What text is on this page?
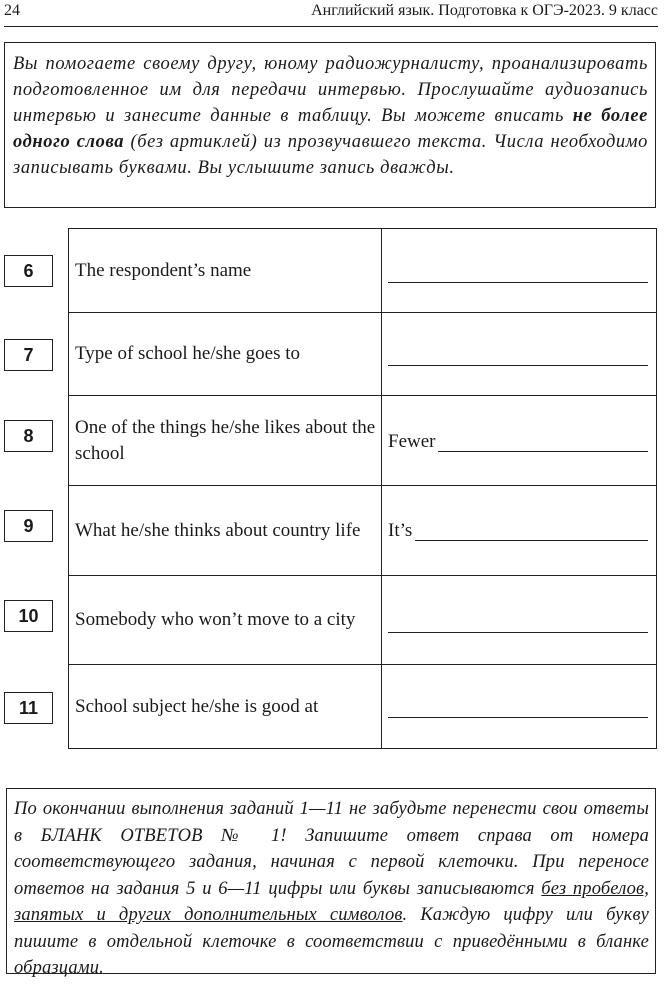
24	Английский язык. Подготовка к ОГЭ-2023. 9 класс
Вы помогаете своему другу, юному радиожурналисту, проанализировать подготовленное им для передачи интервью. Прослушайте аудиозапись интервью и занесите данные в таблицу. Вы можете вписать не более одного слова (без артиклей) из прозвучавшего текста. Числа необходимо записывать буквами. Вы услышите запись дважды.
6
7
8
9
10
11
The respondent’s name
Type of school he/she goes to
One of the things he/she likes about the school
Fewer
What he/she thinks about country life It’s
Somebody who won’t move to a city
School subject he/she is good at
По окончании выполнения заданий 1—11 не забудьте перенести свои ответы в БЛАНК ОТВЕТОВ № 1! Запишите ответ справа от номера соответствующего задания, начиная с первой клеточки. При переносе ответов на задания 5 и 6—11 цифры или буквы записываются без пробелов, запятых и других дополнительных символов. Каждую цифру или букву пишите в отдельной клеточке в соответствии с приведёнными в бланке образцами.
